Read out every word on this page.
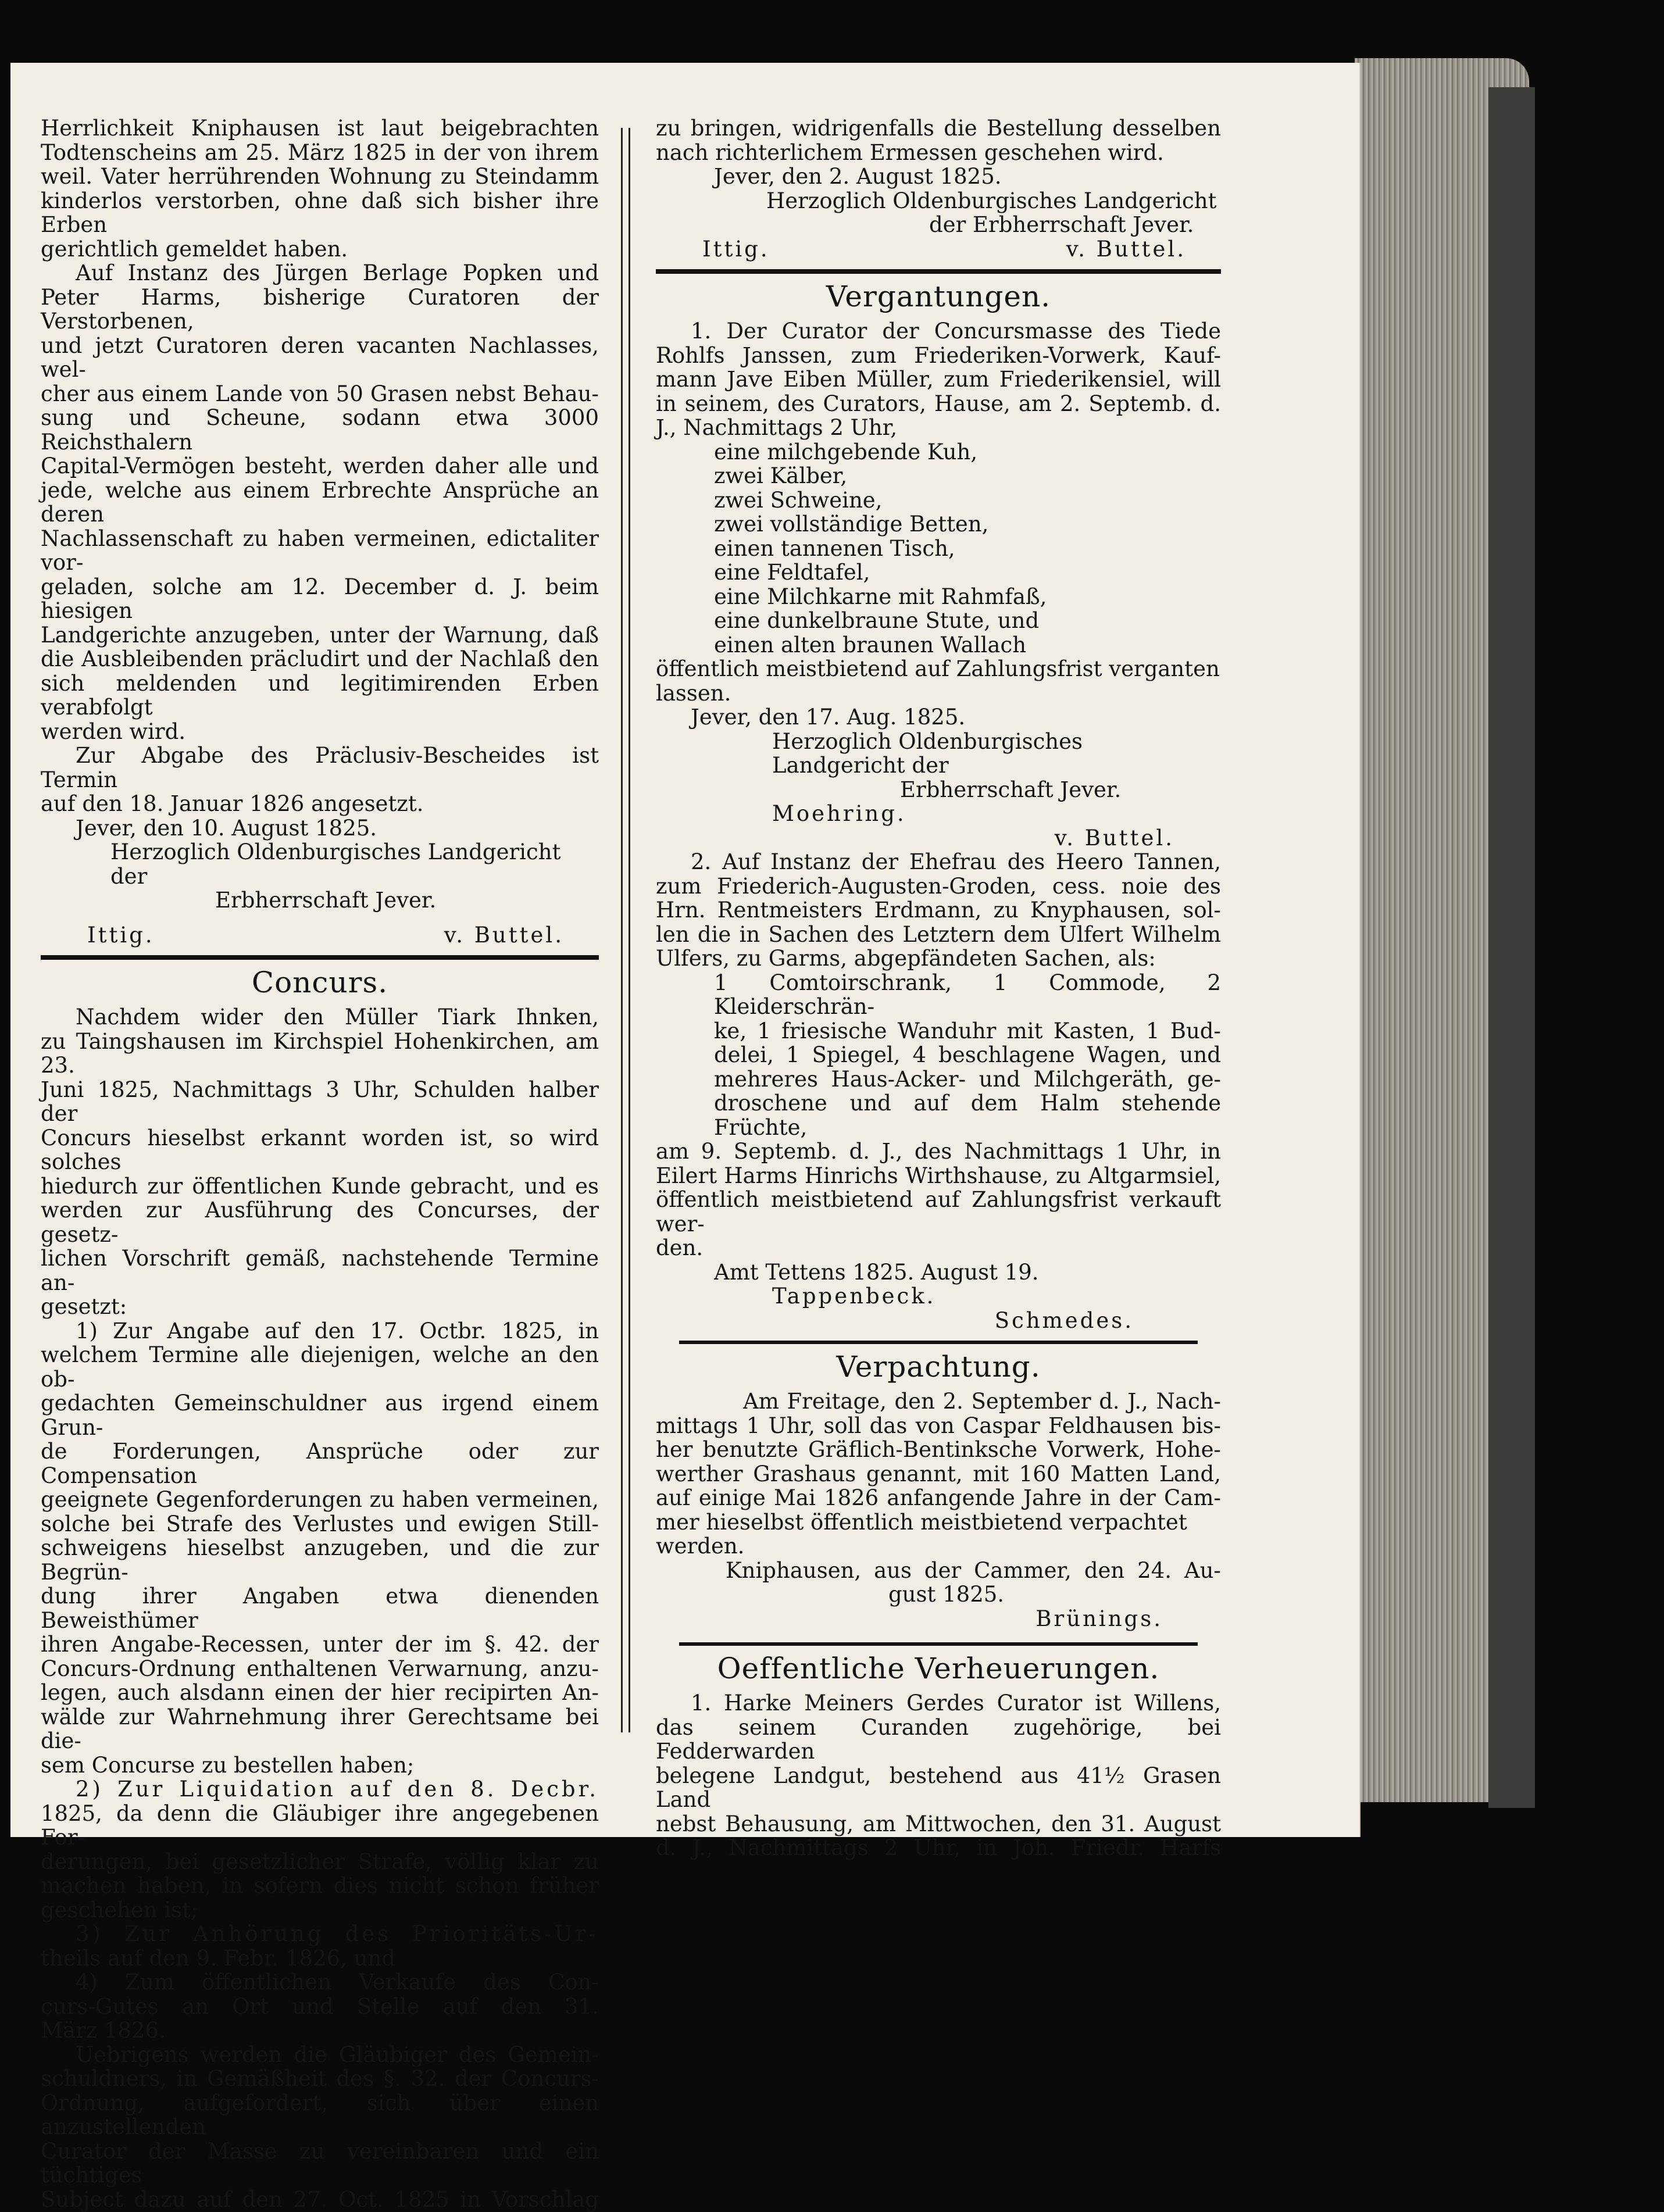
Herrlichkeit Kniphausen ist laut beigebrachten

Todtenscheins am 25. März 1825 in der von ihrem

weil. Vater herrührenden Wohnung zu Steindamm

kinderlos verstorben, ohne daß sich bisher ihre Erben

gerichtlich gemeldet haben.

Auf Instanz des Jürgen Berlage Popken und

Peter Harms, bisherige Curatoren der Verstorbenen,

und jetzt Curatoren deren vacanten Nachlasses, wel-

cher aus einem Lande von 50 Grasen nebst Behau-

sung und Scheune, sodann etwa 3000 Reichsthalern

Capital-Vermögen besteht, werden daher alle und

jede, welche aus einem Erbrechte Ansprüche an deren

Nachlassenschaft zu haben vermeinen, edictaliter vor-

geladen, solche am 12. December d. J. beim hiesigen

Landgerichte anzugeben, unter der Warnung, daß

die Ausbleibenden präcludirt und der Nachlaß den

sich meldenden und legitimirenden Erben verabfolgt

werden wird.

Zur Abgabe des Präclusiv-Bescheides ist Termin

auf den 18. Januar 1826 angesetzt.

Jever, den 10. August 1825.

Herzoglich Oldenburgisches Landgericht der

Erbherrschaft Jever.

Ittig.	v. Buttel.
Concurs.

Nachdem wider den Müller Tiark Ihnken,

zu Taingshausen im Kirchspiel Hohenkirchen, am 23.

Juni 1825, Nachmittags 3 Uhr, Schulden halber der

Concurs hieselbst erkannt worden ist, so wird solches

hiedurch zur öffentlichen Kunde gebracht, und es

werden zur Ausführung des Concurses, der gesetz-

lichen Vorschrift gemäß, nachstehende Termine an-

gesetzt:

1) Zur Angabe auf den 17. Octbr. 1825, in

welchem Termine alle diejenigen, welche an den ob-

gedachten Gemeinschuldner aus irgend einem Grun-

de Forderungen, Ansprüche oder zur Compensation

geeignete Gegenforderungen zu haben vermeinen,

solche bei Strafe des Verlustes und ewigen Still-

schweigens hieselbst anzugeben, und die zur Begrün-

dung ihrer Angaben etwa dienenden Beweisthümer

ihren Angabe-Recessen, unter der im §. 42. der

Concurs-Ordnung enthaltenen Verwarnung, anzu-

legen, auch alsdann einen der hier recipirten An-

wälde zur Wahrnehmung ihrer Gerechtsame bei die-

sem Concurse zu bestellen haben;

2) Zur Liquidation auf den 8. Decbr.

1825, da denn die Gläubiger ihre angegebenen For-

derungen, bei gesetzlicher Strafe, völlig klar zu

machen haben, in sofern dies nicht schon früher

geschehen ist;

3) Zur Anhörung des Prioritäts-Ur-

theils auf den 9. Febr. 1826, und

4) Zum öffentlichen Verkaufe des Con-

curs-Gutes an Ort und Stelle auf den 31.

März 1826.

Uebrigens werden die Gläubiger des Gemein-

schuldners, in Gemäßheit des §. 32. der Concurs-

Ordnung, aufgefordert, sich über einen anzustellenden

Curator der Masse zu vereinbaren und ein tüchtiges

Subject dazu auf den 27. Oct. 1825 in Vorschlag

zu bringen, widrigenfalls die Bestellung desselben

nach richterlichem Ermessen geschehen wird.

Jever, den 2. August 1825.

Herzoglich Oldenburgisches Landgericht

der Erbherrschaft Jever.

Ittig.	v. Buttel.
Vergantungen.

1. Der Curator der Concursmasse des Tiede

Rohlfs Janssen, zum Friederiken-Vorwerk, Kauf-

mann Jave Eiben Müller, zum Friederikensiel, will

in seinem, des Curators, Hause, am 2. Septemb. d.

J., Nachmittags 2 Uhr,

eine milchgebende Kuh,

zwei Kälber,

zwei Schweine,

zwei vollständige Betten,

einen tannenen Tisch,

eine Feldtafel,

eine Milchkarne mit Rahmfaß,

eine dunkelbraune Stute, und

einen alten braunen Wallach

öffentlich meistbietend auf Zahlungsfrist verganten lassen.

Jever, den 17. Aug. 1825.

Herzoglich Oldenburgisches Landgericht der

Erbherrschaft Jever.

Moehring.

v. Buttel.

2. Auf Instanz der Ehefrau des Heero Tannen,

zum Friederich-Augusten-Groden, cess. noie des

Hrn. Rentmeisters Erdmann, zu Knyphausen, sol-

len die in Sachen des Letztern dem Ulfert Wilhelm

Ulfers, zu Garms, abgepfändeten Sachen, als:

1 Comtoirschrank, 1 Commode, 2 Kleiderschrän-

ke, 1 friesische Wanduhr mit Kasten, 1 Bud-

delei, 1 Spiegel, 4 beschlagene Wagen, und

mehreres Haus-Acker- und Milchgeräth, ge-

droschene und auf dem Halm stehende Früchte,

am 9. Septemb. d. J., des Nachmittags 1 Uhr, in

Eilert Harms Hinrichs Wirthshause, zu Altgarmsiel,

öffentlich meistbietend auf Zahlungsfrist verkauft wer-

den.

Amt Tettens 1825. August 19.

Tappenbeck.

Schmedes.

Verpachtung.

Am Freitage, den 2. September d. J., Nach-

mittags 1 Uhr, soll das von Caspar Feldhausen bis-

her benutzte Gräflich-Bentinksche Vorwerk, Hohe-

werther Grashaus genannt, mit 160 Matten Land,

auf einige Mai 1826 anfangende Jahre in der Cam-

mer hieselbst öffentlich meistbietend verpachtet werden.

Kniphausen, aus der Cammer, den 24. Au-

gust 1825.

Brünings.

Oeffentliche Verheuerungen.

1. Harke Meiners Gerdes Curator ist Willens,

das seinem Curanden zugehörige, bei Fedderwarden

belegene Landgut, bestehend aus 41½ Grasen Land

nebst Behausung, am Mittwochen, den 31. August

d. J., Nachmittags 2 Uhr, in Joh. Friedr. Harfs
